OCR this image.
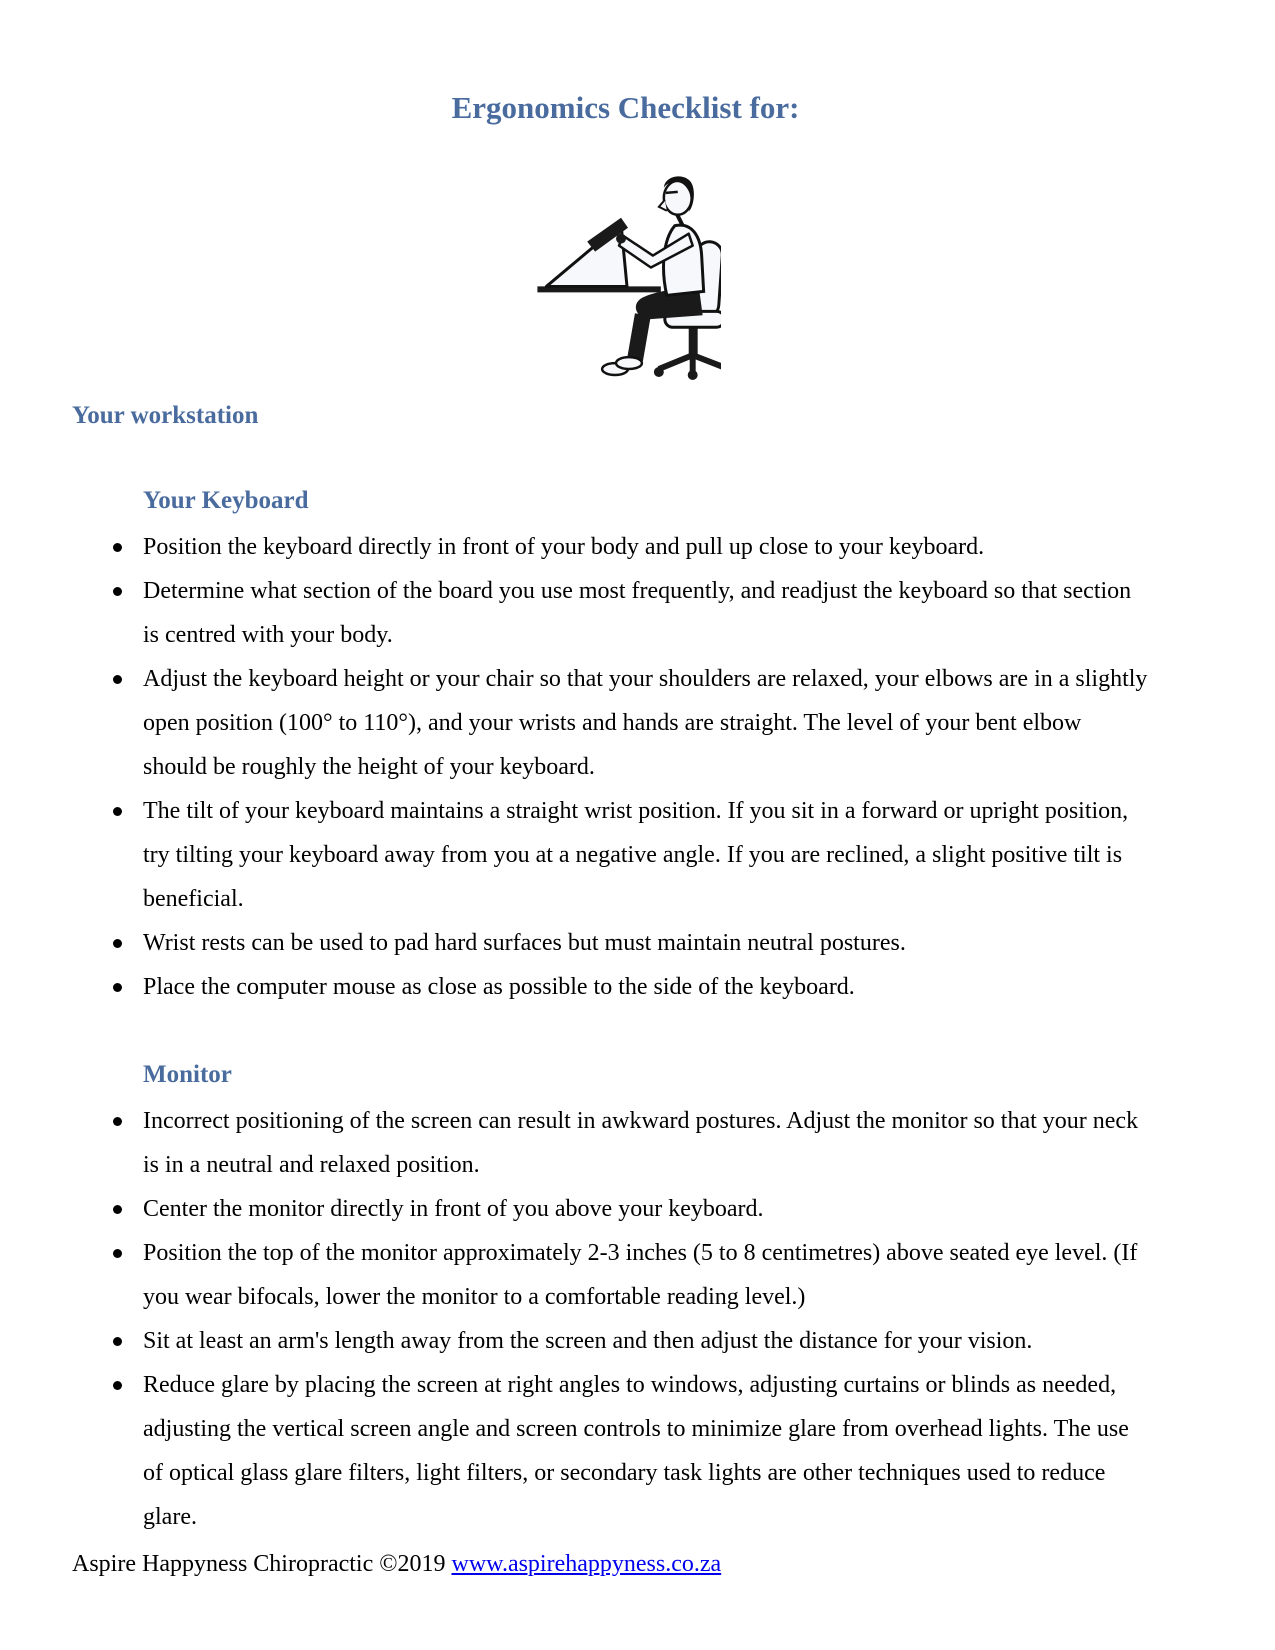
Ergonomics Checklist for:
Your workstation
Your Keyboard
Position the keyboard directly in front of your body and pull up close to your keyboard.
Determine what section of the board you use most frequently, and readjust the keyboard so that section is centred with your body.
Adjust the keyboard height or your chair so that your shoulders are relaxed, your elbows are in a slightly open position (100° to 110°), and your wrists and hands are straight. The level of your bent elbow should be roughly the height of your keyboard.
The tilt of your keyboard maintains a straight wrist position. If you sit in a forward or upright position, try tilting your keyboard away from you at a negative angle. If you are reclined, a slight positive tilt is beneficial.
Wrist rests can be used to pad hard surfaces but must maintain neutral postures.
Place the computer mouse as close as possible to the side of the keyboard.
Monitor
Incorrect positioning of the screen can result in awkward postures. Adjust the monitor so that your neck is in a neutral and relaxed position.
Center the monitor directly in front of you above your keyboard.
Position the top of the monitor approximately 2-3 inches (5 to 8 centimetres) above seated eye level. (If you wear bifocals, lower the monitor to a comfortable reading level.)
Sit at least an arm's length away from the screen and then adjust the distance for your vision.
Reduce glare by placing the screen at right angles to windows, adjusting curtains or blinds as needed, adjusting the vertical screen angle and screen controls to minimize glare from overhead lights. The use of optical glass glare filters, light filters, or secondary task lights are other techniques used to reduce glare.
Aspire Happyness Chiropractic ©2019 www.aspirehappyness.co.za
